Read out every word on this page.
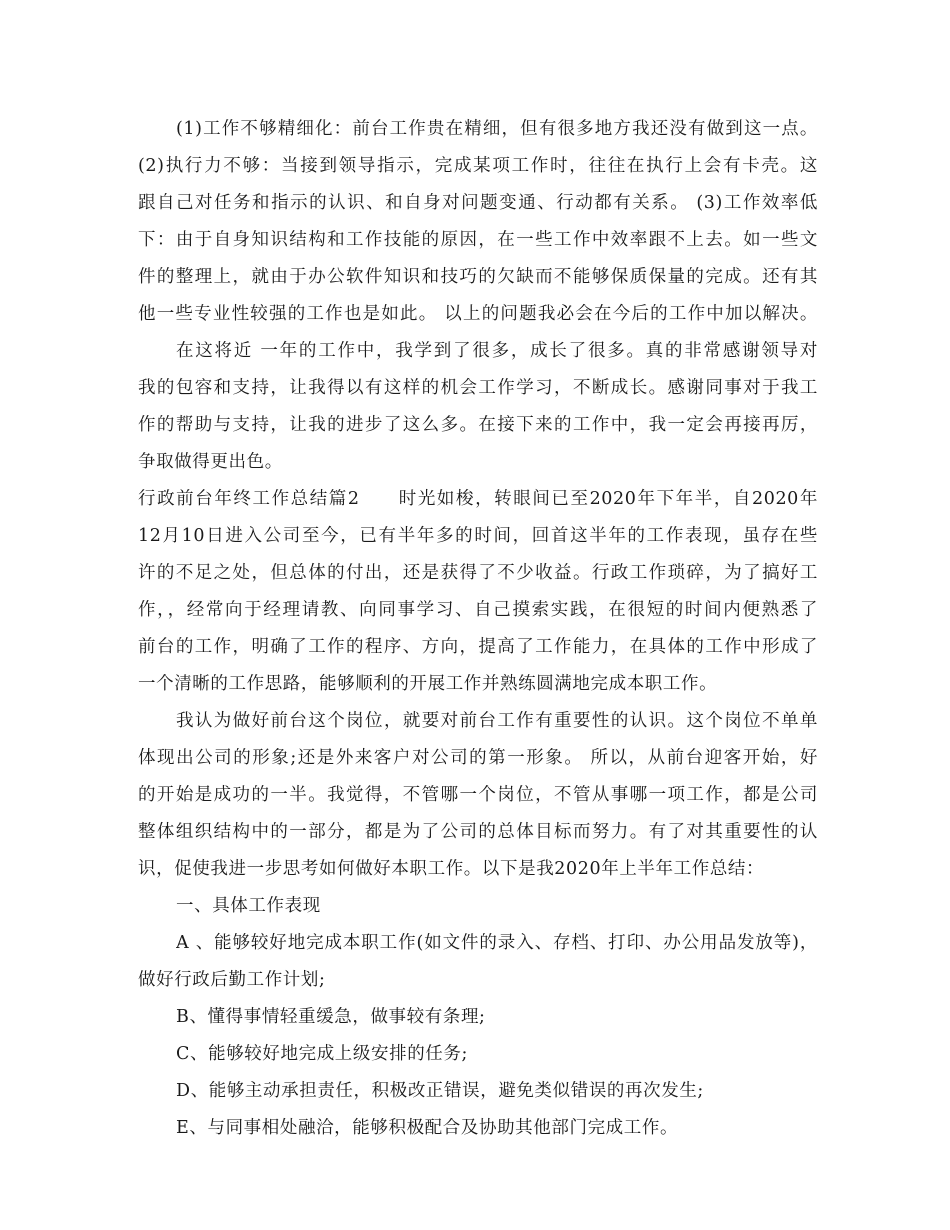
(1)工作不够精细化：前台工作贵在精细，但有很多地方我还没有做到这一点。
(2)执行力不够：当接到领导指示，完成某项工作时，往往在执行上会有卡壳。这
跟自己对任务和指示的认识、和自身对问题变通、行动都有关系。 (3)工作效率低
下：由于自身知识结构和工作技能的原因，在一些工作中效率跟不上去。如一些文
件的整理上，就由于办公软件知识和技巧的欠缺而不能够保质保量的完成。还有其
他一些专业性较强的工作也是如此。 以上的问题我必会在今后的工作中加以解决。
在这将近 一年的工作中，我学到了很多，成长了很多。真的非常感谢领导对
我的包容和支持，让我得以有这样的机会工作学习，不断成长。感谢同事对于我工
作的帮助与支持，让我的进步了这么多。在接下来的工作中，我一定会再接再厉，
争取做得更出色。
行政前台年终工作总结篇2　　时光如梭，转眼间已至2020年下年半，自2020年
12月10日进入公司至今，已有半年多的时间，回首这半年的工作表现，虽存在些
许的不足之处，但总体的付出，还是获得了不少收益。行政工作琐碎，为了搞好工
作，，经常向于经理请教、向同事学习、自己摸索实践，在很短的时间内便熟悉了
前台的工作，明确了工作的程序、方向，提高了工作能力，在具体的工作中形成了
一个清晰的工作思路，能够顺利的开展工作并熟练圆满地完成本职工作。
我认为做好前台这个岗位，就要对前台工作有重要性的认识。这个岗位不单单
体现出公司的形象;还是外来客户对公司的第一形象。 所以，从前台迎客开始，好
的开始是成功的一半。我觉得，不管哪一个岗位，不管从事哪一项工作，都是公司
整体组织结构中的一部分，都是为了公司的总体目标而努力。有了对其重要性的认
识，促使我进一步思考如何做好本职工作。以下是我2020年上半年工作总结：
一、具体工作表现
A 、能够较好地完成本职工作(如文件的录入、存档、打印、办公用品发放等)，
做好行政后勤工作计划;
B、懂得事情轻重缓急，做事较有条理;
C、能够较好地完成上级安排的任务;
D、能够主动承担责任，积极改正错误，避免类似错误的再次发生;
E、与同事相处融洽，能够积极配合及协助其他部门完成工作。
